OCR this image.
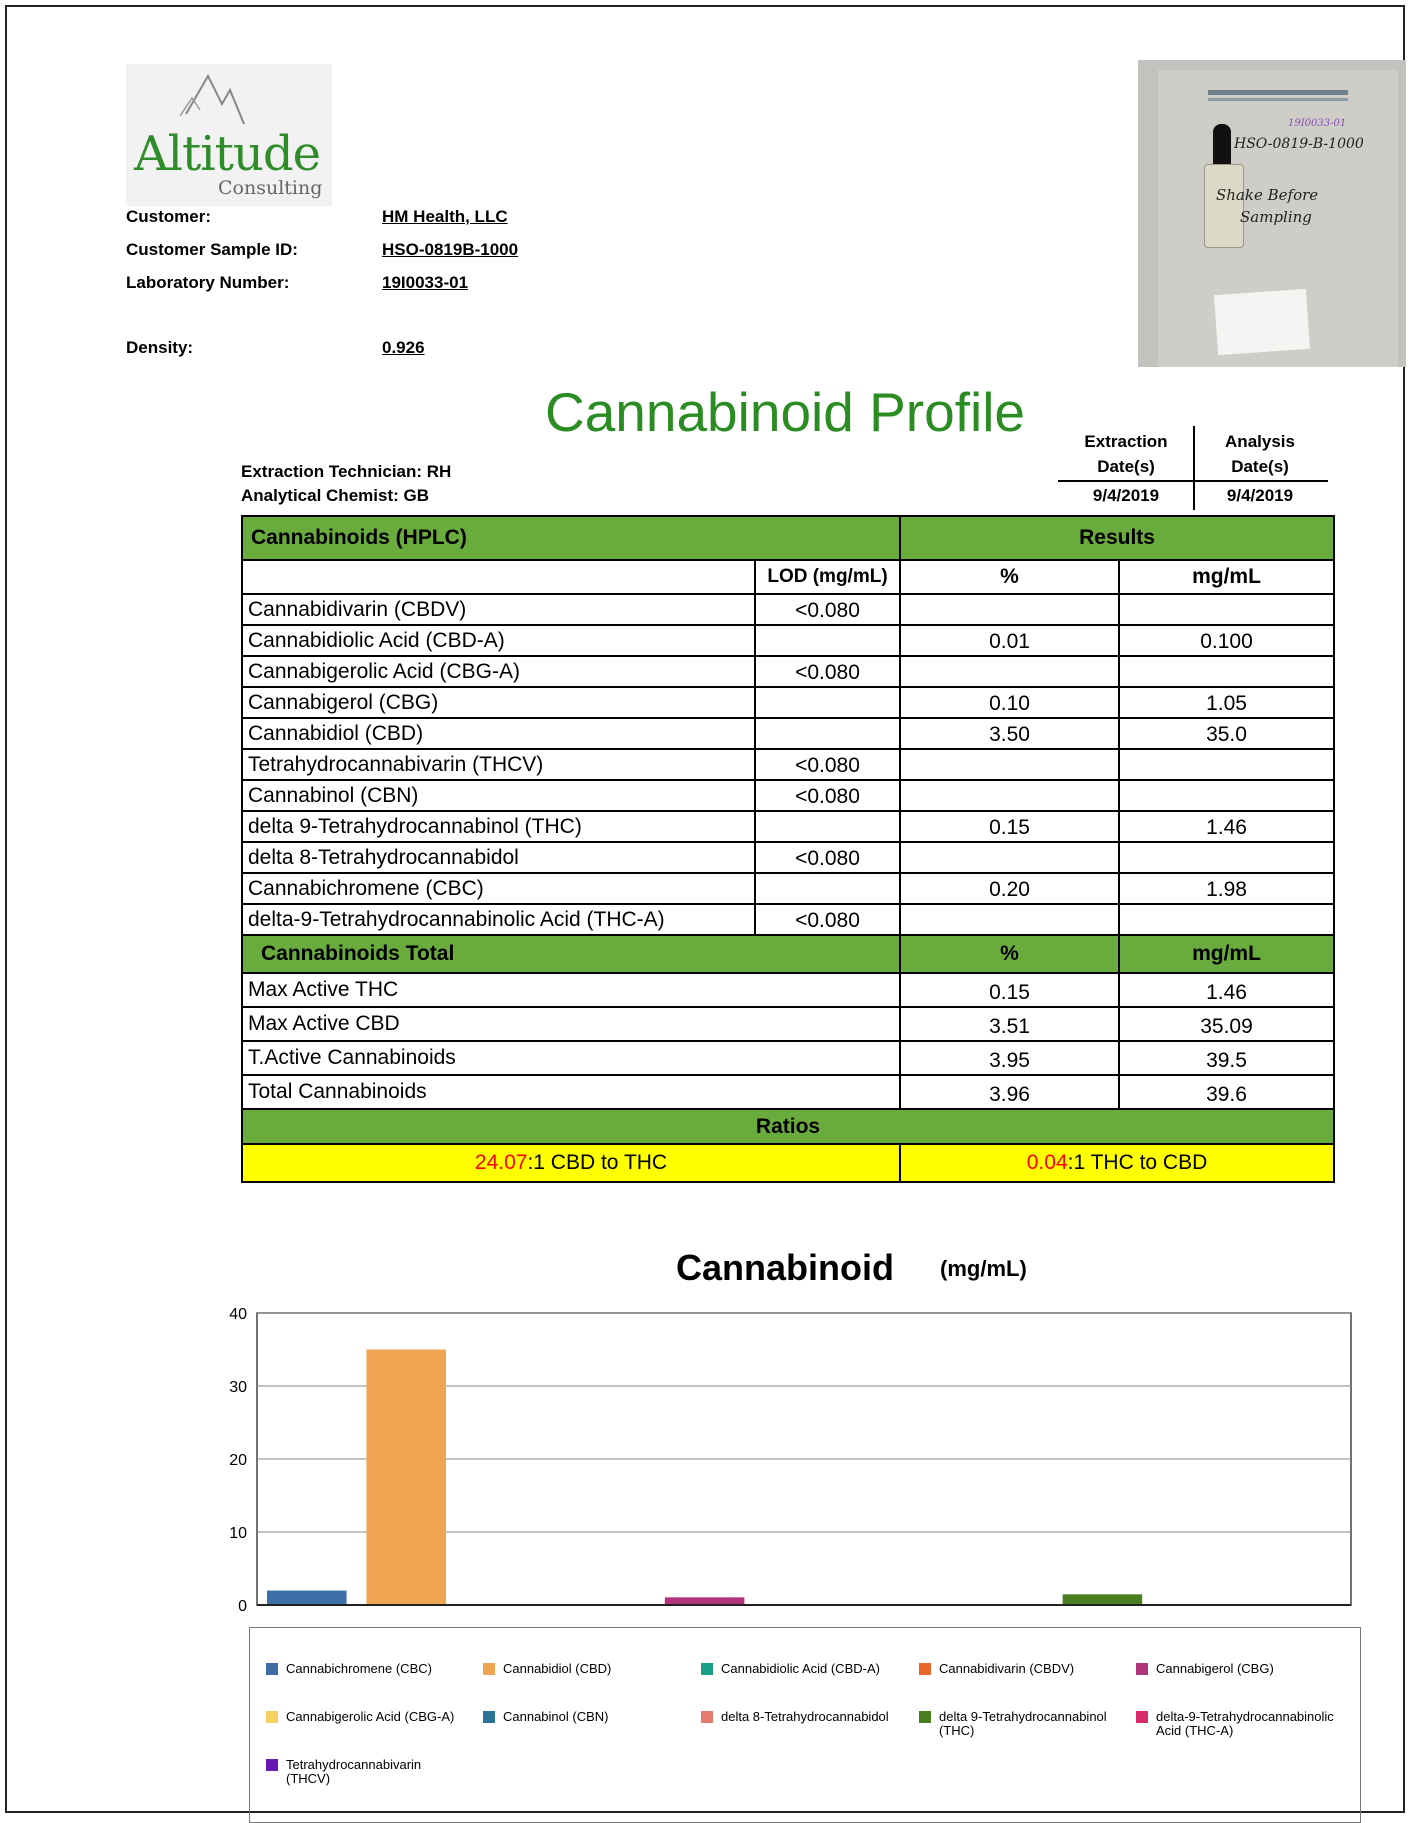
Altitude
Consulting
Customer:	HM Health, LLC
Customer Sample ID:	HSO-0819B-1000
Laboratory Number:	19I0033-01
Density:	0.926
19I0033-01
HSO-0819-B-1000
Shake Before
Sampling
Cannabinoid Profile
Extraction Technician: RH
Analytical Chemist: GB
Extraction
Date(s)
Analysis
Date(s)
9/4/2019	9/4/2019
Cannabinoids (HPLC)		Results	
	LOD (mg/mL)	%	mg/mL
Cannabidivarin (CBDV)	<0.080		
Cannabidiolic Acid (CBD-A)		0.01	0.100
Cannabigerolic Acid (CBG-A)	<0.080		
Cannabigerol (CBG)		0.10	1.05
Cannabidiol (CBD)		3.50	35.0
Tetrahydrocannabivarin (THCV)	<0.080		
Cannabinol (CBN)	<0.080		
delta 9-Tetrahydrocannabinol (THC)		0.15	1.46
delta 8-Tetrahydrocannabidol	<0.080		
Cannabichromene (CBC)		0.20	1.98
delta-9-Tetrahydrocannabinolic Acid (THC-A)	<0.080		
Cannabinoids Total		%	mg/mL
Max Active THC		0.15	1.46
Max Active CBD		3.51	35.09
T.Active Cannabinoids		3.95	39.5
Total Cannabinoids		3.96	39.6
Ratios			
24.07:1 CBD to THC		0.04:1 THC to CBD	
Cannabinoid (mg/mL)
0
10
20
30
40
Cannabichromene (CBC)	Cannabidiol (CBD)	Cannabidiolic Acid (CBD-A)	Cannabidivarin (CBDV)	Cannabigerol (CBG)
Cannabigerolic Acid (CBG-A)	Cannabinol (CBN)	delta 8-Tetrahydrocannabidol	delta 9-Tetrahydrocannabinol (THC)
delta-9-Tetrahydrocannabinolic Acid (THC-A)
Tetrahydrocannabivarin (THCV)
